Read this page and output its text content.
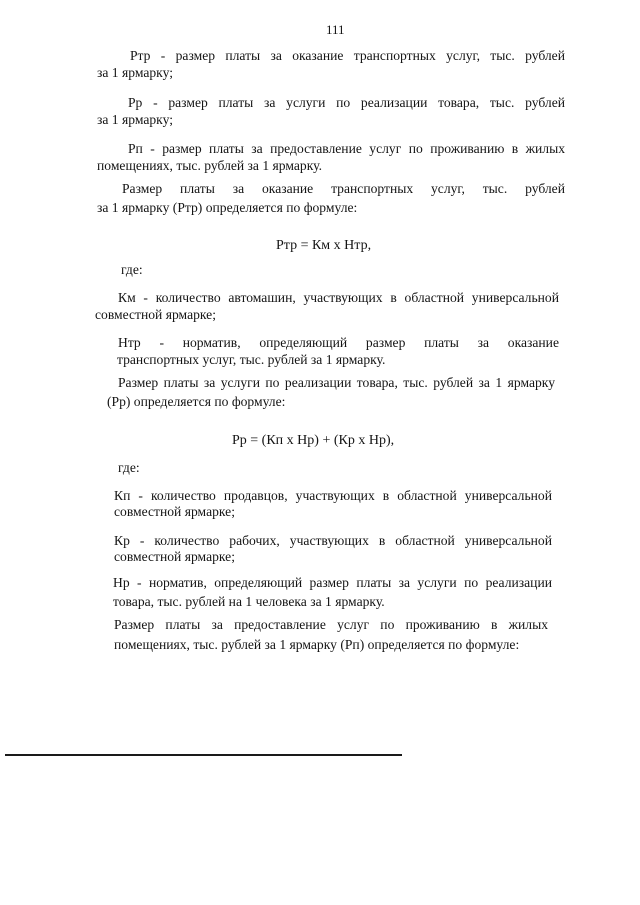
111
Ртр - размер платы за оказание транспортных услуг, тыс. рублей
за 1 ярмарку;
Рр - размер платы за услуги по реализации товара, тыс. рублей
за 1 ярмарку;
Рп - размер платы за предоставление услуг по проживанию в жилых
помещениях, тыс. рублей за 1 ярмарку.
Размер платы за оказание транспортных услуг, тыс. рублей
за 1 ярмарку (Ртр) определяется по формуле:
Ртр = Км х Нтр,
где:
Км - количество автомашин, участвующих в областной универсальной
совместной ярмарке;
Нтр - норматив, определяющий размер платы за оказание
транспортных услуг, тыс. рублей за 1 ярмарку.
Размер платы за услуги по реализации товара, тыс. рублей за 1 ярмарку
(Рр) определяется по формуле:
Рр = (Кп х Нр) + (Кр х Нр),
где:
Кп - количество продавцов, участвующих в областной универсальной
совместной ярмарке;
Кр - количество рабочих, участвующих в областной универсальной
совместной ярмарке;
Нр - норматив, определяющий размер платы за услуги по реализации
товара, тыс. рублей на 1 человека за 1 ярмарку.
Размер платы за предоставление услуг по проживанию в жилых
помещениях, тыс. рублей за 1 ярмарку (Рп) определяется по формуле:
